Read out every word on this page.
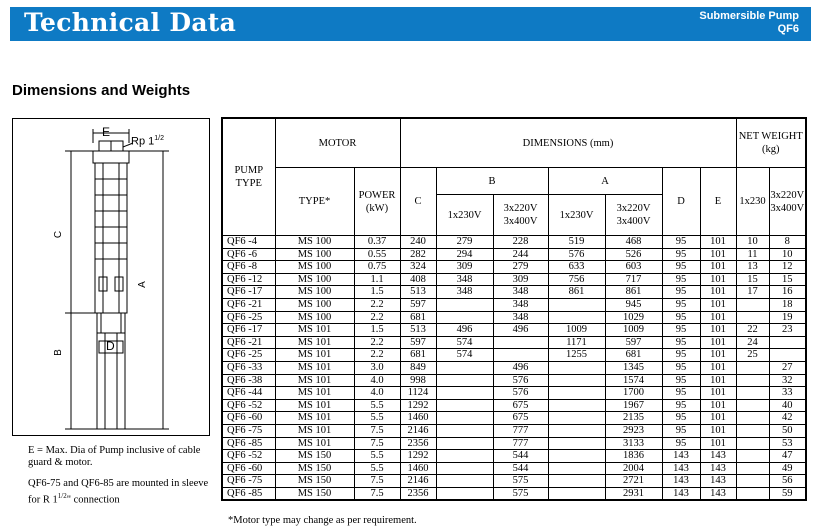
Technical Data	Submersible Pump
QF6
Dimensions and Weights
E
Rp $1^{1/2}$
C
A
B	D

E = Max. Dia of Pump inclusive of cable guard & motor.

QF6-75 and QF6-85 are mounted in sleeve for R $1^{1/2}$" connection

PUMP TYPE	MOTOR		DIMENSIONS (mm)							NET WEIGHT (kg)	
	TYPE*	POWER (kW)	C	B		A		D	E	1x230	3x220V 3x400V
				1x230V	3x220V 3x400V	1x230V	3x220V 3x400V				
QF6 -4	MS 100	0.37	240	279	228	519	468	95	101	10	8
QF6 -6	MS 100	0.55	282	294	244	576	526	95	101	11	10
QF6 -8	MS 100	0.75	324	309	279	633	603	95	101	13	12
QF6 -12	MS 100	1.1	408	348	309	756	717	95	101	15	15
QF6 -17	MS 100	1.5	513	348	348	861	861	95	101	17	16
QF6 -21	MS 100	2.2	597		348		945	95	101		18
QF6 -25	MS 100	2.2	681		348		1029	95	101		19
QF6 -17	MS 101	1.5	513	496	496	1009	1009	95	101	22	23
QF6 -21	MS 101	2.2	597	574		1171	597	95	101	24	
QF6 -25	MS 101	2.2	681	574		1255	681	95	101	25	
QF6 -33	MS 101	3.0	849		496		1345	95	101		27
QF6 -38	MS 101	4.0	998		576		1574	95	101		32
QF6 -44	MS 101	4.0	1124		576		1700	95	101		33
QF6 -52	MS 101	5.5	1292		675		1967	95	101		40
QF6 -60	MS 101	5.5	1460		675		2135	95	101		42
QF6 -75	MS 101	7.5	2146		777		2923	95	101		50
QF6 -85	MS 101	7.5	2356		777		3133	95	101		53
QF6 -52	MS 150	5.5	1292		544		1836	143	143		47
QF6 -60	MS 150	5.5	1460		544		2004	143	143		49
QF6 -75	MS 150	7.5	2146		575		2721	143	143		56
QF6 -85	MS 150	7.5	2356		575		2931	143	143		59
*Motor type may change as per requirement.
